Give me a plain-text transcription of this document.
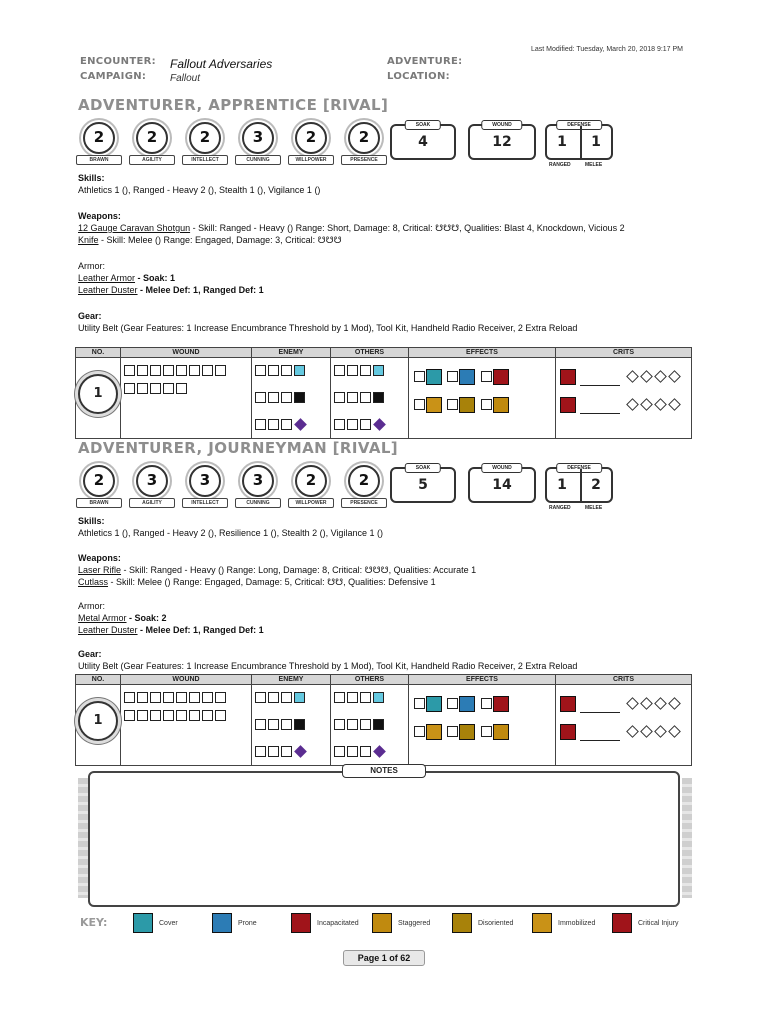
Last Modified: Tuesday, March 20, 2018 9:17 PM
ENCOUNTER: Fallout Adversaries
CAMPAIGN: Fallout
ADVENTURE:
LOCATION:
ADVENTURER, APPRENTICE [RIVAL]
2
BRAWN
2
AGILITY
2
INTELLECT
3
CUNNING
2
WILLPOWER
2
PRESENCE
SOAK
4
WOUND
12
DEFENSE
1	1
RANGED	MELEE
Skills:
Athletics 1 (), Ranged - Heavy 2 (), Stealth 1 (), Vigilance 1 ()
Weapons:
12 Gauge Caravan Shotgun - Skill: Ranged - Heavy () Range: Short, Damage: 8, Critical: ☋☋☋, Qualities: Blast 4, Knockdown, Vicious 2
Knife - Skill: Melee () Range: Engaged, Damage: 3, Critical: ☋☋☋
Armor:
Leather Armor - Soak: 1
Leather Duster - Melee Def: 1, Ranged Def: 1
Gear:
Utility Belt (Gear Features: 1 Increase Encumbrance Threshold by 1 Mod), Tool Kit, Handheld Radio Receiver, 2 Extra Reload
NO.	WOUND	ENEMY	OTHERS	EFFECTS	CRITS

1					

ADVENTURER, JOURNEYMAN [RIVAL]
2
BRAWN
3
AGILITY
3
INTELLECT
3
CUNNING
2
WILLPOWER
2
PRESENCE
SOAK
5
WOUND
14
DEFENSE
1	2
RANGED	MELEE
Skills:
Athletics 1 (), Ranged - Heavy 2 (), Resilience 1 (), Stealth 2 (), Vigilance 1 ()
Weapons:
Laser Rifle - Skill: Ranged - Heavy () Range: Long, Damage: 8, Critical: ☋☋☋, Qualities: Accurate 1
Cutlass - Skill: Melee () Range: Engaged, Damage: 5, Critical: ☋☋, Qualities: Defensive 1
Armor:
Metal Armor - Soak: 2
Leather Duster - Melee Def: 1, Ranged Def: 1
Gear:
Utility Belt (Gear Features: 1 Increase Encumbrance Threshold by 1 Mod), Tool Kit, Handheld Radio Receiver, 2 Extra Reload
NO.	WOUND	ENEMY	OTHERS	EFFECTS	CRITS

1					

NOTES
KEY:	Cover	Prone	Incapacitated	Staggered	Disoriented	Immobilized	Critical Injury
Page 1 of 62
